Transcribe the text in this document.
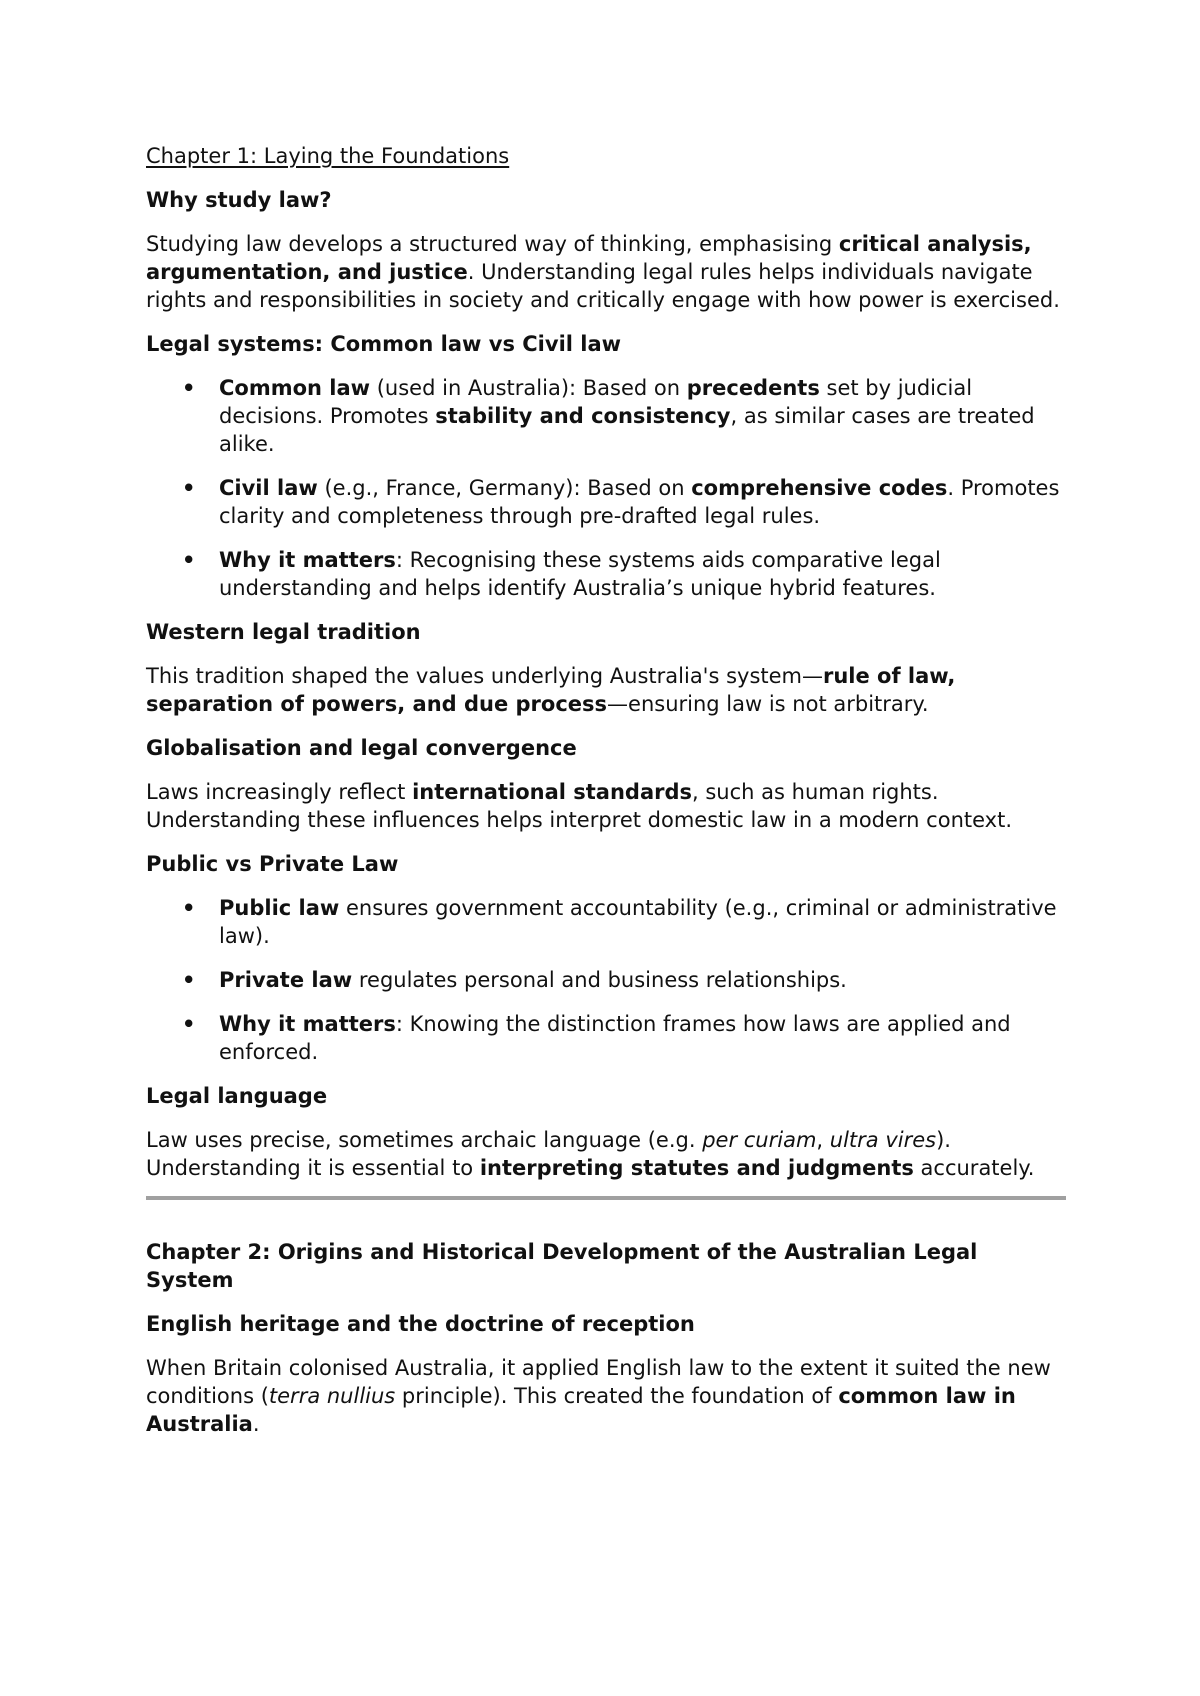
Chapter 1: Laying the Foundations
Why study law?

Studying law develops a structured way of thinking, emphasising critical analysis, argumentation, and justice. Understanding legal rules helps individuals navigate rights and responsibilities in society and critically engage with how power is exercised.

Legal systems: Common law vs Civil law
• Common law (used in Australia): Based on precedents set by judicial decisions. Promotes stability and consistency, as similar cases are treated alike.
• Civil law (e.g., France, Germany): Based on comprehensive codes. Promotes clarity and completeness through pre-drafted legal rules.
• Why it matters: Recognising these systems aids comparative legal understanding and helps identify Australia’s unique hybrid features.
Western legal tradition

This tradition shaped the values underlying Australia's system—rule of law, separation of powers, and due process—ensuring law is not arbitrary.

Globalisation and legal convergence

Laws increasingly reflect international standards, such as human rights. Understanding these influences helps interpret domestic law in a modern context.

Public vs Private Law
• Public law ensures government accountability (e.g., criminal or administrative law).
• Private law regulates personal and business relationships.
• Why it matters: Knowing the distinction frames how laws are applied and enforced.
Legal language

Law uses precise, sometimes archaic language (e.g. per curiam, ultra vires). Understanding it is essential to interpreting statutes and judgments accurately.

Chapter 2: Origins and Historical Development of the Australian Legal System
English heritage and the doctrine of reception

When Britain colonised Australia, it applied English law to the extent it suited the new conditions (terra nullius principle). This created the foundation of common law in Australia.
